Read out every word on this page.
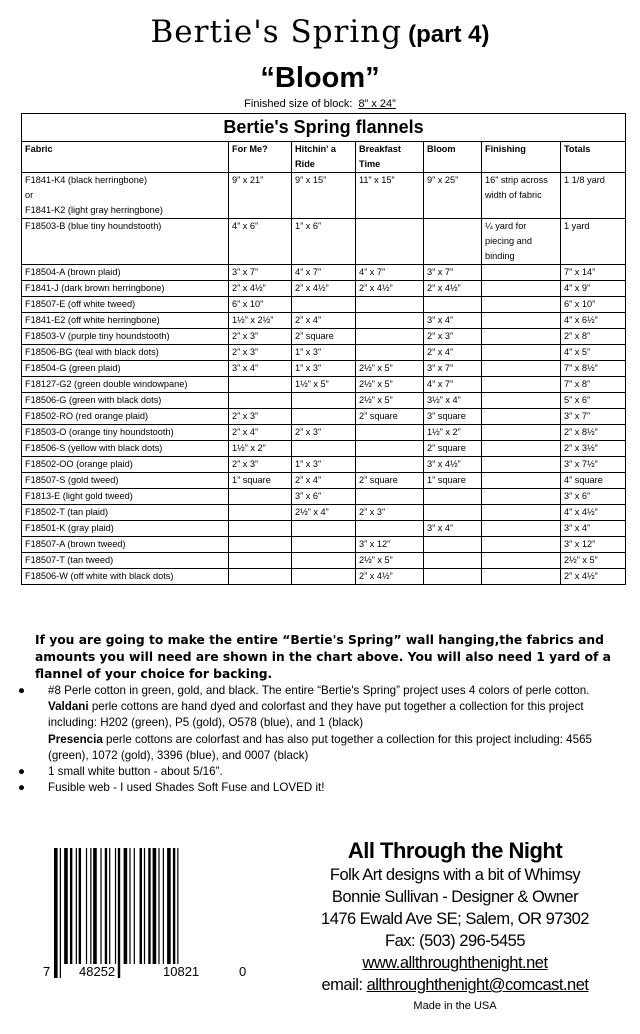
Bertie's Spring (part 4)
“Bloom”
Finished size of block: 8” x 24”
Bertie's Spring flannels
Fabric	For Me?	Hitchin' a Ride	Breakfast Time	Bloom	Finishing	Totals
F1841-K4 (black herringbone)
or
F1841-K2 (light gray herringbone)	9” x 21”	9” x 15”	11” x 15”	9” x 25”	16” strip across width of fabric	1 1/8 yard
F18503-B (blue tiny houndstooth)	4” x 6”	1” x 6”			¼ yard for piecing and binding	1 yard
F18504-A (brown plaid)	3” x 7”	4” x 7”	4” x 7”	3” x 7”		7” x 14”
F1841-J (dark brown herringbone)	2” x 4½”	2” x 4½”	2” x 4½”	2” x 4½”		4” x 9”
F18507-E (off white tweed)	6” x 10”					6” x 10”
F1841-E2 (off white herringbone)	1½” x 2½”	2” x 4”		3” x 4”		4” x 6½”
F18503-V (purple tiny houndstooth)	2” x 3”	2” square		2” x 3”		2” x 8”
F18506-BG (teal with black dots)	2” x 3”	1” x 3”		2” x 4”		4” x 5”
F18504-G (green plaid)	3” x 4”	1” x 3”	2½” x 5”	3” x 7”		7” x 8½”
F18127-G2 (green double windowpane)		1½” x 5”	2½” x 5”	4” x 7”		7” x 8”
F18506-G (green with black dots)			2½” x 5”	3½” x 4”		5” x 6”
F18502-RO (red orange plaid)	2” x 3”		2” square	3” square		3” x 7”
F18503-O (orange tiny houndstooth)	2” x 4”	2” x 3”		1½” x 2”		2” x 8½”
F18506-S (yellow with black dots)	1½” x 2”			2” square		2” x 3½”
F18502-OO (orange plaid)	2” x 3”	1” x 3”		3” x 4½”		3” x 7½”
F18507-S (gold tweed)	1” square	2” x 4”	2” square	1” square		4” square
F1813-E (light gold tweed)		3” x 6”				3” x 6”
F18502-T (tan plaid)		2½” x 4”	2” x 3”			4” x 4½”
F18501-K (gray plaid)				3” x 4”		3” x 4”
F18507-A (brown tweed)			3” x 12”			3” x 12”
F18507-T (tan tweed)			2½” x 5”			2½” x 5”
F18506-W (off white with black dots)			2” x 4½”			2” x 4½”
If you are going to make the entire “Bertie's Spring” wall hanging,the fabrics and amounts you will need are shown in the chart above. You will also need 1 yard of a flannel of your choice for backing.
● #8 Perle cotton in green, gold, and black. The entire “Bertie's Spring” project uses 4 colors of perle cotton.
Valdani perle cottons are hand dyed and colorfast and they have put together a collection for this project including: H202 (green), P5 (gold), O578 (blue), and 1 (black)
Presencia perle cottons are colorfast and has also put together a collection for this project including: 4565 (green), 1072 (gold), 3396 (blue), and 0007 (black)
● 1 small white button - about 5/16”.
● Fusible web - I used Shades Soft Fuse and LOVED it!
7 48252	10821	0
All Through the Night
Folk Art designs with a bit of Whimsy
Bonnie Sullivan - Designer & Owner
1476 Ewald Ave SE; Salem, OR 97302
Fax: (503) 296-5455
www.allthroughthenight.net
email: allthroughthenight@comcast.net
Made in the USA
